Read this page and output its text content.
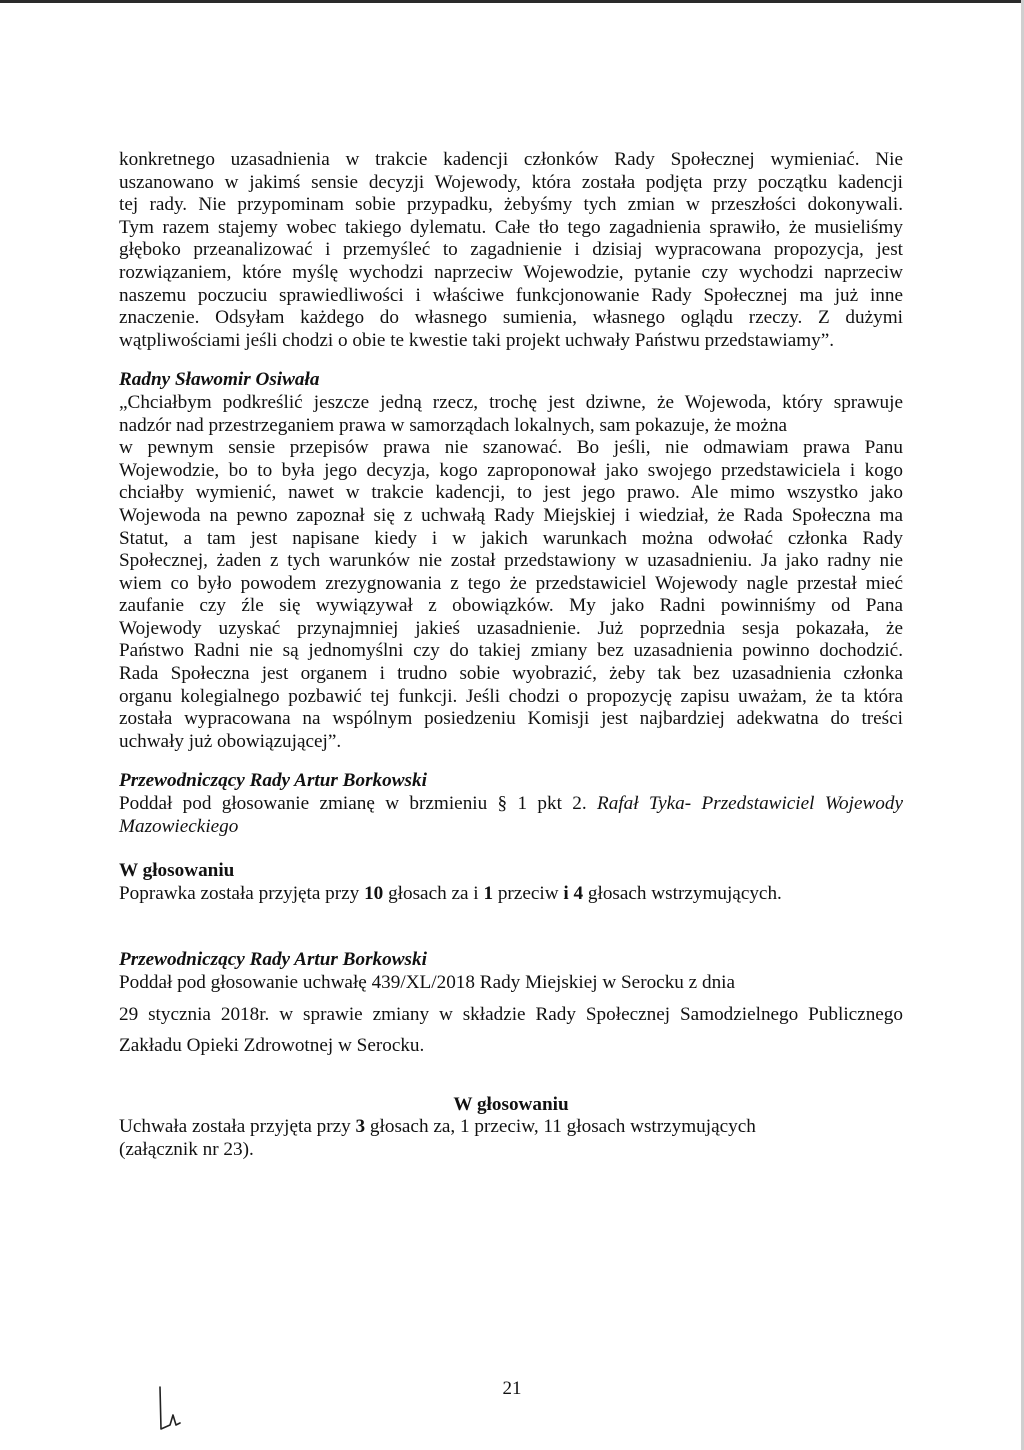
konkretnego uzasadnienia w trakcie kadencji członków Rady Społecznej wymieniać. Nie
uszanowano w jakimś sensie decyzji Wojewody, która została podjęta przy początku kadencji
tej rady. Nie przypominam sobie przypadku, żebyśmy tych zmian w przeszłości dokonywali.
Tym razem stajemy wobec takiego dylematu. Całe tło tego zagadnienia sprawiło, że musieliśmy
głęboko przeanalizować i przemyśleć to zagadnienie i dzisiaj wypracowana propozycja, jest
rozwiązaniem, które myślę wychodzi naprzeciw Wojewodzie, pytanie czy wychodzi naprzeciw
naszemu poczuciu sprawiedliwości i właściwe funkcjonowanie Rady Społecznej ma już inne
znaczenie. Odsyłam każdego do własnego sumienia, własnego oglądu rzeczy. Z dużymi
wątpliwościami jeśli chodzi o obie te kwestie taki projekt uchwały Państwu przedstawiamy”.

Radny Sławomir Osiwała

„Chciałbym podkreślić jeszcze jedną rzecz, trochę jest dziwne, że Wojewoda, który sprawuje
nadzór nad przestrzeganiem prawa w samorządach lokalnych, sam pokazuje, że można
w pewnym sensie przepisów prawa nie szanować. Bo jeśli, nie odmawiam prawa Panu
Wojewodzie, bo to była jego decyzja, kogo zaproponował jako swojego przedstawiciela i kogo
chciałby wymienić, nawet w trakcie kadencji, to jest jego prawo. Ale mimo wszystko jako
Wojewoda na pewno zapoznał się z uchwałą Rady Miejskiej i wiedział, że Rada Społeczna ma
Statut, a tam jest napisane kiedy i w jakich warunkach można odwołać członka Rady
Społecznej, żaden z tych warunków nie został przedstawiony w uzasadnieniu. Ja jako radny nie
wiem co było powodem zrezygnowania z tego że przedstawiciel Wojewody nagle przestał mieć
zaufanie czy źle się wywiązywał z obowiązków. My jako Radni powinniśmy od Pana
Wojewody uzyskać przynajmniej jakieś uzasadnienie. Już poprzednia sesja pokazała, że
Państwo Radni nie są jednomyślni czy do takiej zmiany bez uzasadnienia powinno dochodzić.
Rada Społeczna jest organem i trudno sobie wyobrazić, żeby tak bez uzasadnienia członka
organu kolegialnego pozbawić tej funkcji. Jeśli chodzi o propozycję zapisu uważam, że ta która
została wypracowana na wspólnym posiedzeniu Komisji jest najbardziej adekwatna do treści
uchwały już obowiązującej”.

Przewodniczący Rady Artur Borkowski

Poddał pod głosowanie zmianę w brzmieniu § 1 pkt 2. Rafał Tyka- Przedstawiciel Wojewody
Mazowieckiego

W głosowaniu

Poprawka została przyjęta przy 10 głosach za i 1 przeciw i 4 głosach wstrzymujących.

Przewodniczący Rady Artur Borkowski

Poddał pod głosowanie uchwałę 439/XL/2018 Rady Miejskiej w Serocku z dnia
29 stycznia 2018r. w sprawie zmiany w składzie Rady Społecznej Samodzielnego Publicznego
Zakładu Opieki Zdrowotnej w Serocku.

W głosowaniu

Uchwała została przyjęta przy 3 głosach za, 1 przeciw, 11 głosach wstrzymujących
(załącznik nr 23).

21
